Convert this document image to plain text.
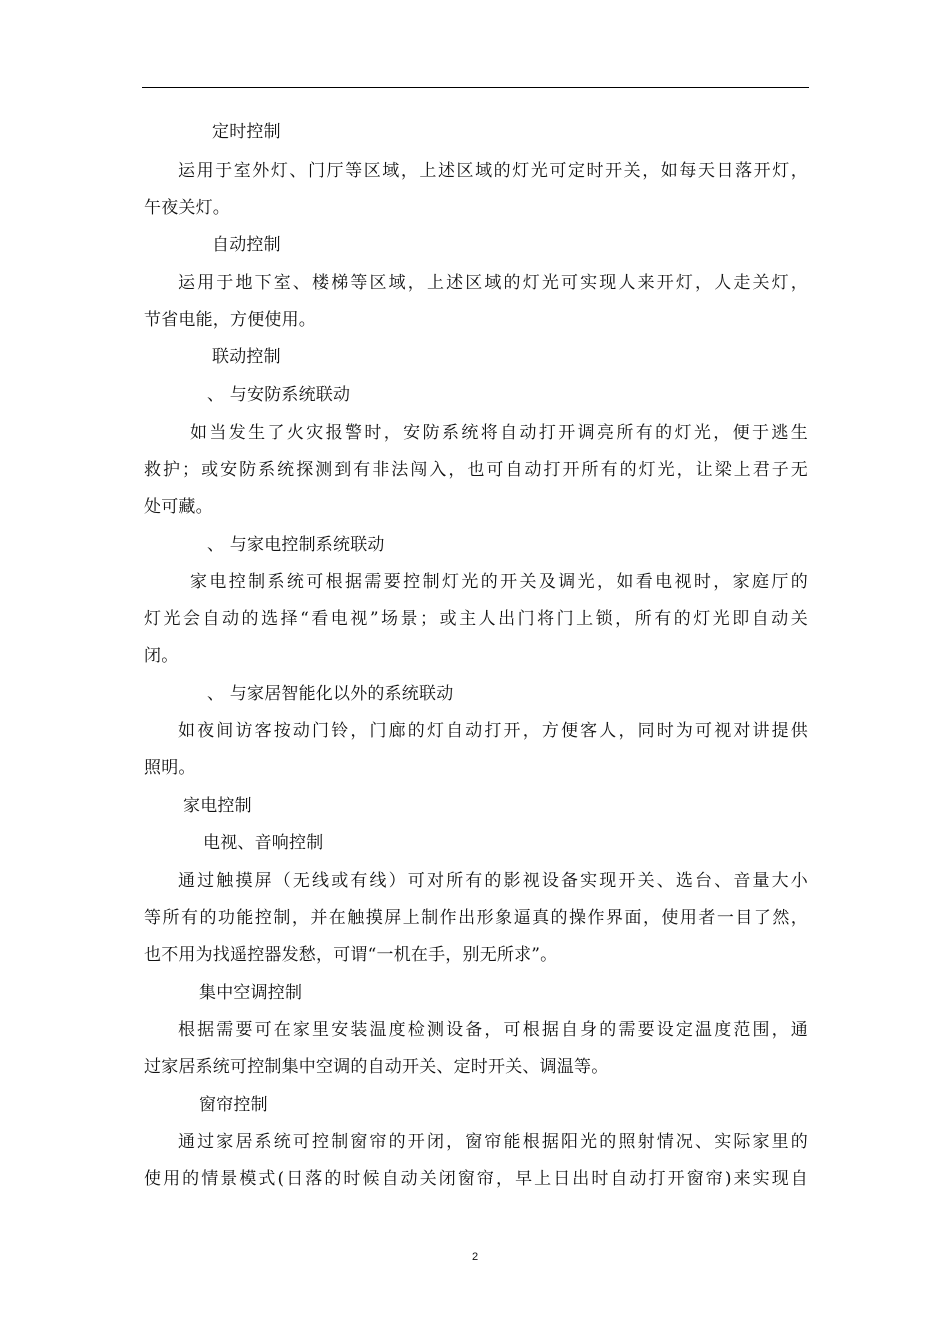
定时控制
运用于室外灯、门厅等区域，上述区域的灯光可定时开关，如每天日落开灯，
午夜关灯。
自动控制
运用于地下室、楼梯等区域，上述区域的灯光可实现人来开灯，人走关灯，
节省电能，方便使用。
联动控制
、 与安防系统联动
如当发生了火灾报警时，安防系统将自动打开调亮所有的灯光，便于逃生
救护；或安防系统探测到有非法闯入，也可自动打开所有的灯光，让梁上君子无
处可藏。
、 与家电控制系统联动
家电控制系统可根据需要控制灯光的开关及调光，如看电视时，家庭厅的
灯光会自动的选择“看电视”场景；或主人出门将门上锁，所有的灯光即自动关
闭。
、 与家居智能化以外的系统联动
如夜间访客按动门铃，门廊的灯自动打开，方便客人，同时为可视对讲提供
照明。
家电控制
电视、音响控制
通过触摸屏（无线或有线）可对所有的影视设备实现开关、选台、音量大小
等所有的功能控制，并在触摸屏上制作出形象逼真的操作界面，使用者一目了然，
也不用为找遥控器发愁，可谓“一机在手，别无所求”。
集中空调控制
根据需要可在家里安装温度检测设备，可根据自身的需要设定温度范围，通
过家居系统可控制集中空调的自动开关、定时开关、调温等。
窗帘控制
通过家居系统可控制窗帘的开闭，窗帘能根据阳光的照射情况、实际家里的
使用的情景模式(日落的时候自动关闭窗帘，早上日出时自动打开窗帘)来实现自
2
